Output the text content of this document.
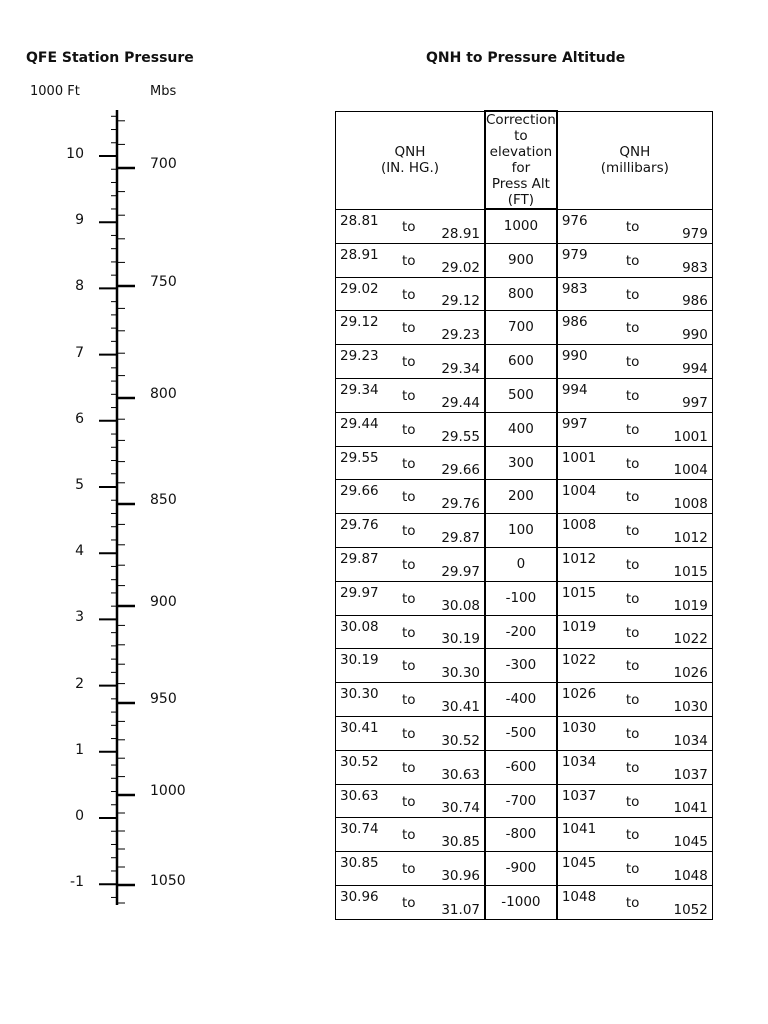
QFE Station Pressure	QNH to Pressure Altitude
1000 Ft	Mbs
10
9
8
7
6
5
4
3
2
1
0
-1
700
750
800
850
900
950
1000
1050
QNH
(IN. HG.)	Correction to
elevation for
Press Alt
(FT)	QNH
(millibars)

28.81 to 28.91	1000	976 to 979

28.91 to 29.02	900	979 to 983

29.02 to 29.12	800	983 to 986

29.12 to 29.23	700	986 to 990

29.23 to 29.34	600	990 to 994

29.34 to 29.44	500	994 to 997

29.44 to 29.55	400	997 to 1001

29.55 to 29.66	300	1001 to 1004

29.66 to 29.76	200	1004 to 1008

29.76 to 29.87	100	1008 to 1012

29.87 to 29.97	0	1012 to 1015

29.97 to 30.08	-100	1015 to 1019

30.08 to 30.19	-200	1019 to 1022

30.19 to 30.30	-300	1022 to 1026

30.30 to 30.41	-400	1026 to 1030

30.41 to 30.52	-500	1030 to 1034

30.52 to 30.63	-600	1034 to 1037

30.63 to 30.74	-700	1037 to 1041

30.74 to 30.85	-800	1041 to 1045

30.85 to 30.96	-900	1045 to 1048

30.96 to 31.07	-1000	1048 to 1052
